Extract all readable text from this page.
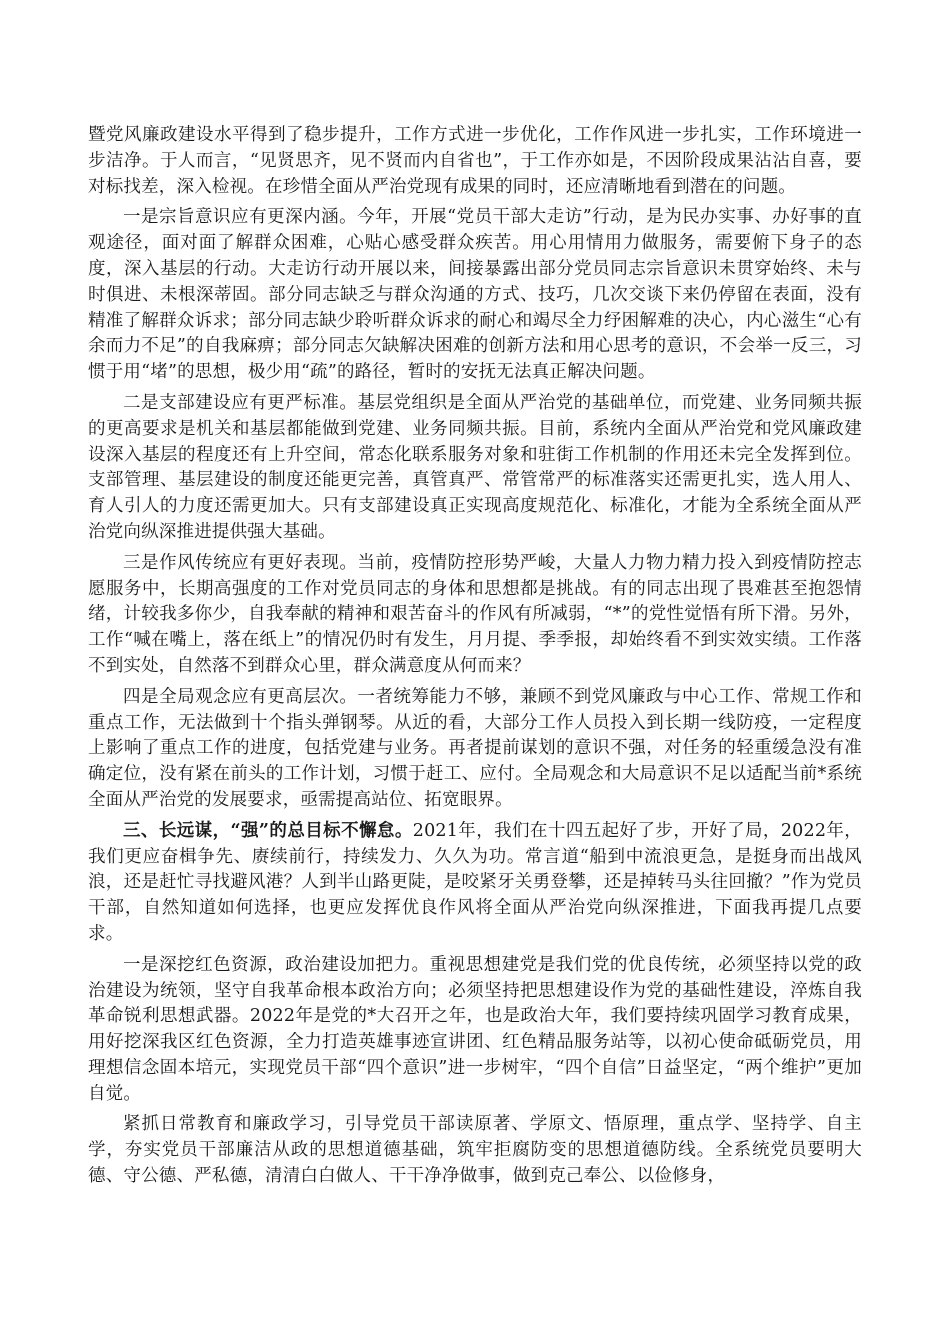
暨党风廉政建设水平得到了稳步提升，工作方式进一步优化，工作作风进一步扎实，工作环境进一步洁净。于人而言，“见贤思齐，见不贤而内自省也”，于工作亦如是，不因阶段成果沾沾自喜，要对标找差，深入检视。在珍惜全面从严治党现有成果的同时，还应清晰地看到潜在的问题。

一是宗旨意识应有更深内涵。今年，开展“党员干部大走访”行动，是为民办实事、办好事的直观途径，面对面了解群众困难，心贴心感受群众疾苦。用心用情用力做服务，需要俯下身子的态度，深入基层的行动。大走访行动开展以来，间接暴露出部分党员同志宗旨意识未贯穿始终、未与时俱进、未根深蒂固。部分同志缺乏与群众沟通的方式、技巧，几次交谈下来仍停留在表面，没有精准了解群众诉求；部分同志缺少聆听群众诉求的耐心和竭尽全力纾困解难的决心，内心滋生“心有余而力不足”的自我麻痹；部分同志欠缺解决困难的创新方法和用心思考的意识，不会举一反三，习惯于用“堵”的思想，极少用“疏”的路径，暂时的安抚无法真正解决问题。

二是支部建设应有更严标准。基层党组织是全面从严治党的基础单位，而党建、业务同频共振的更高要求是机关和基层都能做到党建、业务同频共振。目前，系统内全面从严治党和党风廉政建设深入基层的程度还有上升空间，常态化联系服务对象和驻街工作机制的作用还未完全发挥到位。支部管理、基层建设的制度还能更完善，真管真严、常管常严的标准落实还需更扎实，选人用人、育人引人的力度还需更加大。只有支部建设真正实现高度规范化、标准化，才能为全系统全面从严治党向纵深推进提供强大基础。

三是作风传统应有更好表现。当前，疫情防控形势严峻，大量人力物力精力投入到疫情防控志愿服务中，长期高强度的工作对党员同志的身体和思想都是挑战。有的同志出现了畏难甚至抱怨情绪，计较我多你少，自我奉献的精神和艰苦奋斗的作风有所减弱，“*”的党性觉悟有所下滑。另外，工作“喊在嘴上，落在纸上”的情况仍时有发生，月月提、季季报，却始终看不到实效实绩。工作落不到实处，自然落不到群众心里，群众满意度从何而来？

四是全局观念应有更高层次。一者统筹能力不够，兼顾不到党风廉政与中心工作、常规工作和重点工作，无法做到十个指头弹钢琴。从近的看，大部分工作人员投入到长期一线防疫，一定程度上影响了重点工作的进度，包括党建与业务。再者提前谋划的意识不强，对任务的轻重缓急没有准确定位，没有紧在前头的工作计划，习惯于赶工、应付。全局观念和大局意识不足以适配当前*系统全面从严治党的发展要求，亟需提高站位、拓宽眼界。

三、长远谋，“强”的总目标不懈怠。2021年，我们在十四五起好了步，开好了局，2022年，我们更应奋楫争先、赓续前行，持续发力、久久为功。常言道“船到中流浪更急，是挺身而出战风浪，还是赶忙寻找避风港？人到半山路更陡，是咬紧牙关勇登攀，还是掉转马头往回撤？”作为党员干部，自然知道如何选择，也更应发挥优良作风将全面从严治党向纵深推进，下面我再提几点要求。

一是深挖红色资源，政治建设加把力。重视思想建党是我们党的优良传统，必须坚持以党的政治建设为统领，坚守自我革命根本政治方向；必须坚持把思想建设作为党的基础性建设，淬炼自我革命锐利思想武器。2022年是党的*大召开之年，也是政治大年，我们要持续巩固学习教育成果，用好挖深我区红色资源，全力打造英雄事迹宣讲团、红色精品服务站等，以初心使命砥砺党员，用理想信念固本培元，实现党员干部“四个意识”进一步树牢，“四个自信”日益坚定，“两个维护”更加自觉。

紧抓日常教育和廉政学习，引导党员干部读原著、学原文、悟原理，重点学、坚持学、自主学，夯实党员干部廉洁从政的思想道德基础，筑牢拒腐防变的思想道德防线。全系统党员要明大德、守公德、严私德，清清白白做人、干干净净做事，做到克己奉公、以俭修身，
